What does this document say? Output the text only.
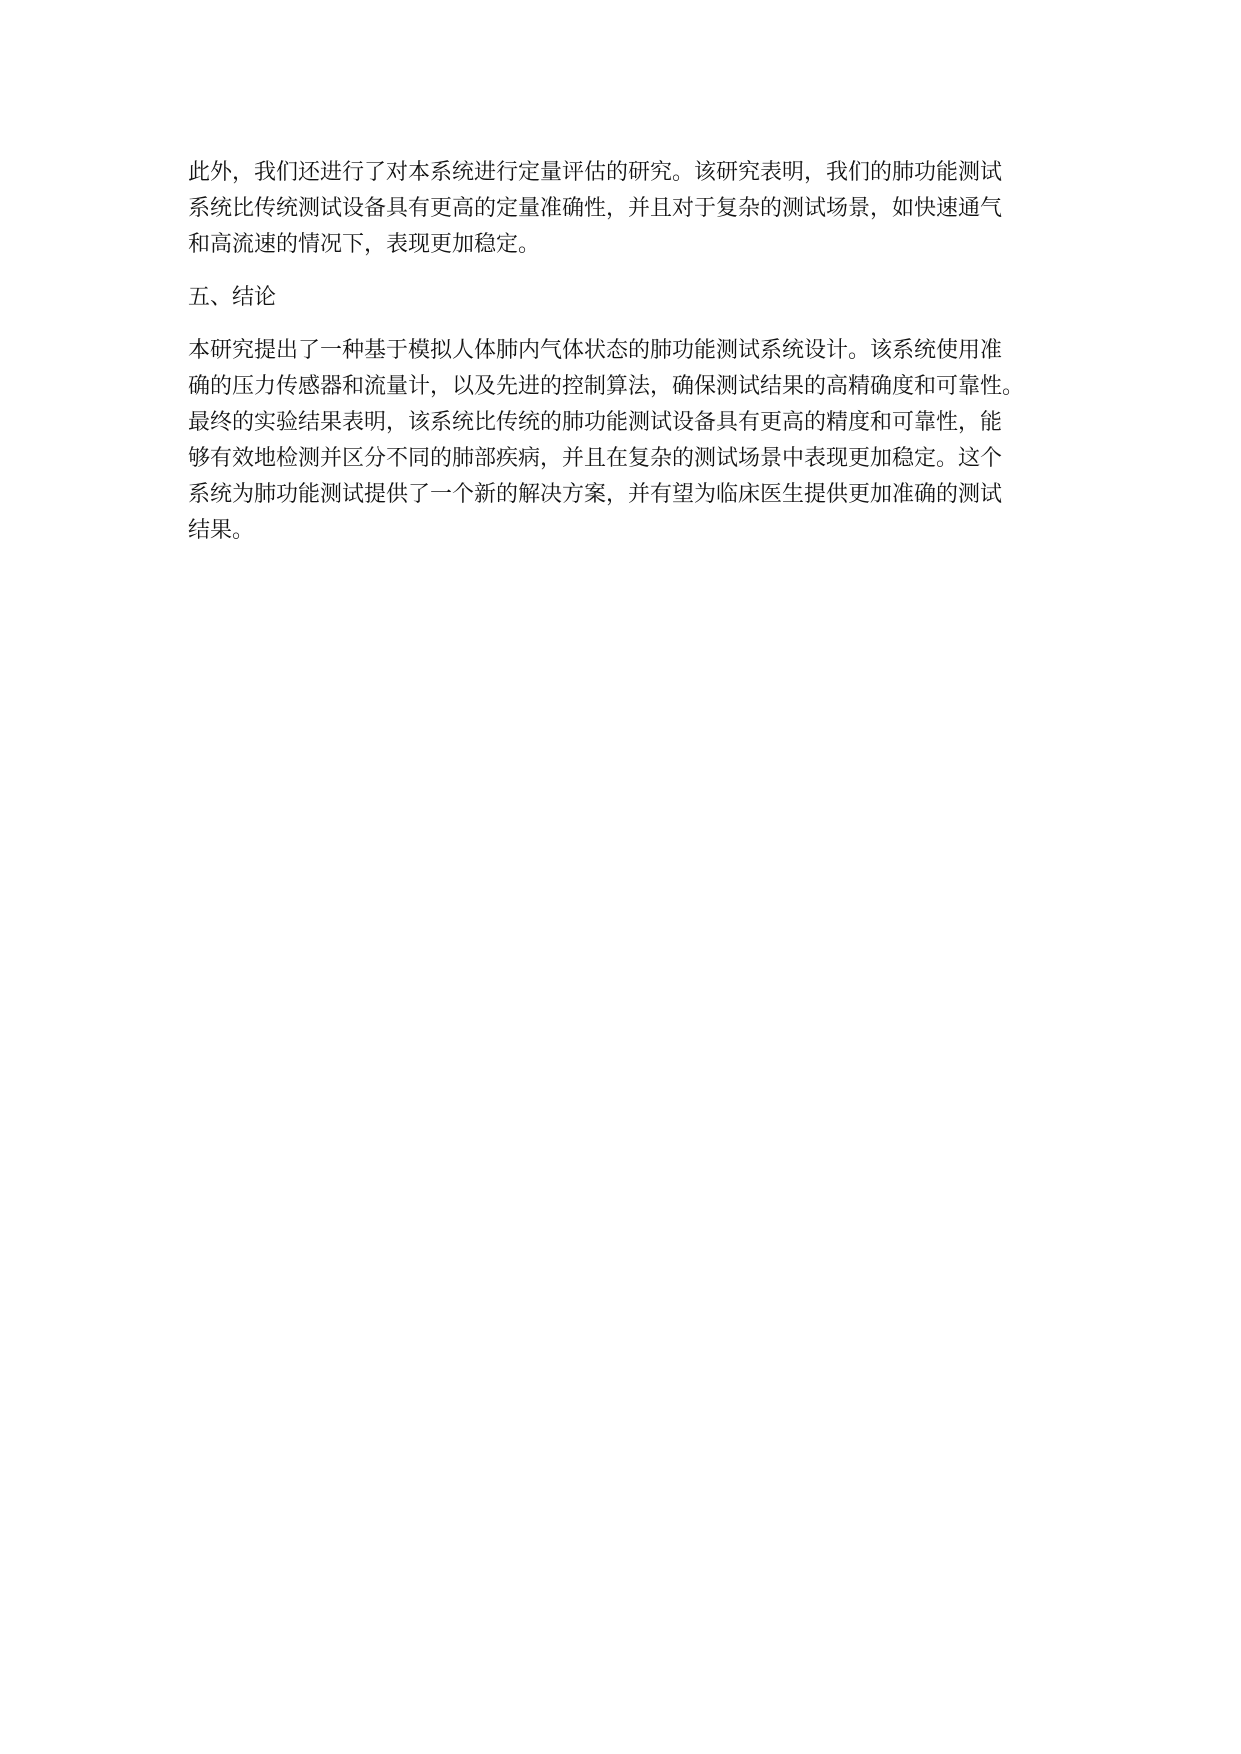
此外，我们还进行了对本系统进行定量评估的研究。该研究表明，我们的肺功能测试
系统比传统测试设备具有更高的定量准确性，并且对于复杂的测试场景，如快速通气
和高流速的情况下，表现更加稳定。
五、结论
本研究提出了一种基于模拟人体肺内气体状态的肺功能测试系统设计。该系统使用准
确的压力传感器和流量计，以及先进的控制算法，确保测试结果的高精确度和可靠性。
最终的实验结果表明，该系统比传统的肺功能测试设备具有更高的精度和可靠性，能
够有效地检测并区分不同的肺部疾病，并且在复杂的测试场景中表现更加稳定。这个
系统为肺功能测试提供了一个新的解决方案，并有望为临床医生提供更加准确的测试
结果。
